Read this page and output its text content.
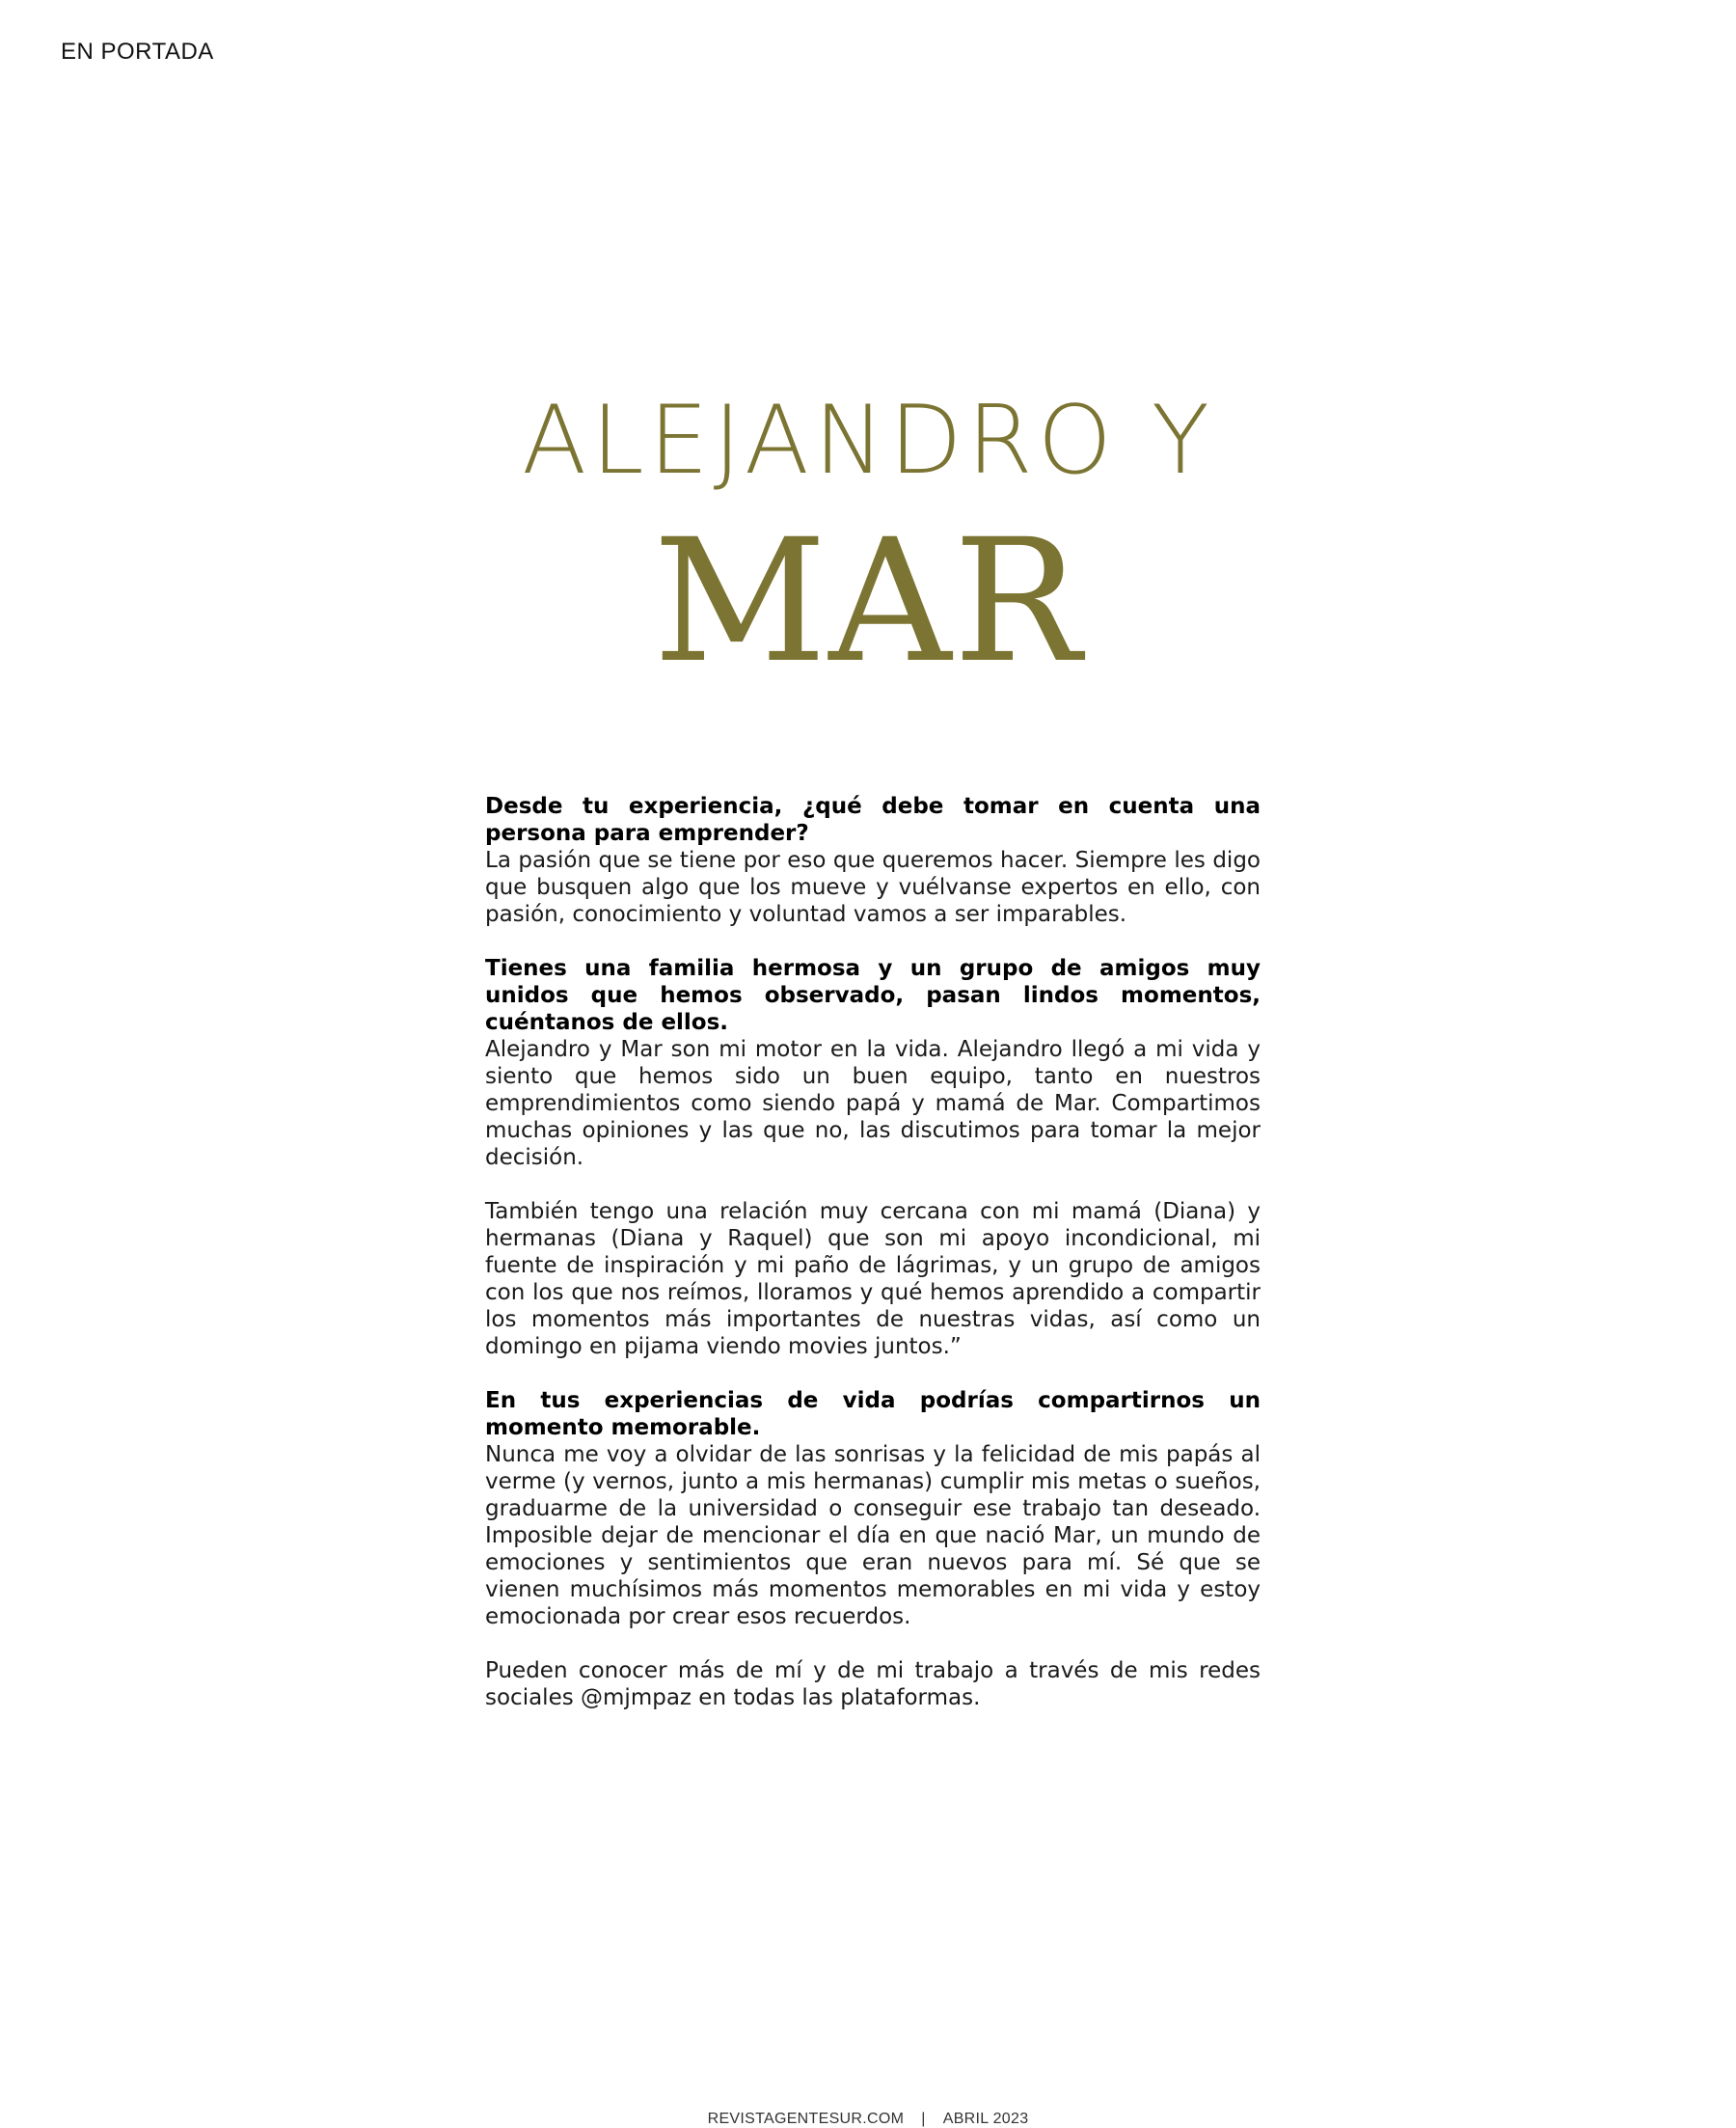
EN PORTADA
ALEJANDRO Y
MAR
Desde tu experiencia, ¿qué debe tomar en cuenta una persona para emprender?
La pasión que se tiene por eso que queremos hacer. Siempre les digo que busquen algo que los mueve y vuélvanse expertos en ello, con pasión, conocimiento y voluntad vamos a ser imparables.
Tienes una familia hermosa y un grupo de amigos muy unidos que hemos observado, pasan lindos momentos, cuéntanos de ellos.
Alejandro y Mar son mi motor en la vida. Alejandro llegó a mi vida y siento que hemos sido un buen equipo, tanto en nuestros emprendimientos como siendo papá y mamá de Mar. Compartimos muchas opiniones y las que no, las discutimos para tomar la mejor decisión.
También tengo una relación muy cercana con mi mamá (Diana) y hermanas (Diana y Raquel) que son mi apoyo incondicional, mi fuente de inspiración y mi paño de lágrimas, y un grupo de amigos con los que nos reímos, lloramos y qué hemos aprendido a compartir los momentos más importantes de nuestras vidas, así como un domingo en pijama viendo movies juntos.”
En tus experiencias de vida podrías compartirnos un momento memorable.
Nunca me voy a olvidar de las sonrisas y la felicidad de mis papás al verme (y vernos, junto a mis hermanas) cumplir mis metas o sueños, graduarme de la universidad o conseguir ese trabajo tan deseado. Imposible dejar de mencionar el día en que nació Mar, un mundo de emociones y sentimientos que eran nuevos para mí. Sé que se vienen muchísimos más momentos memorables en mi vida y estoy emocionada por crear esos recuerdos.
Pueden conocer más de mí y de mi trabajo a través de mis redes sociales @mjmpaz en todas las plataformas.
REVISTAGENTESUR.COM | ABRIL 2023
